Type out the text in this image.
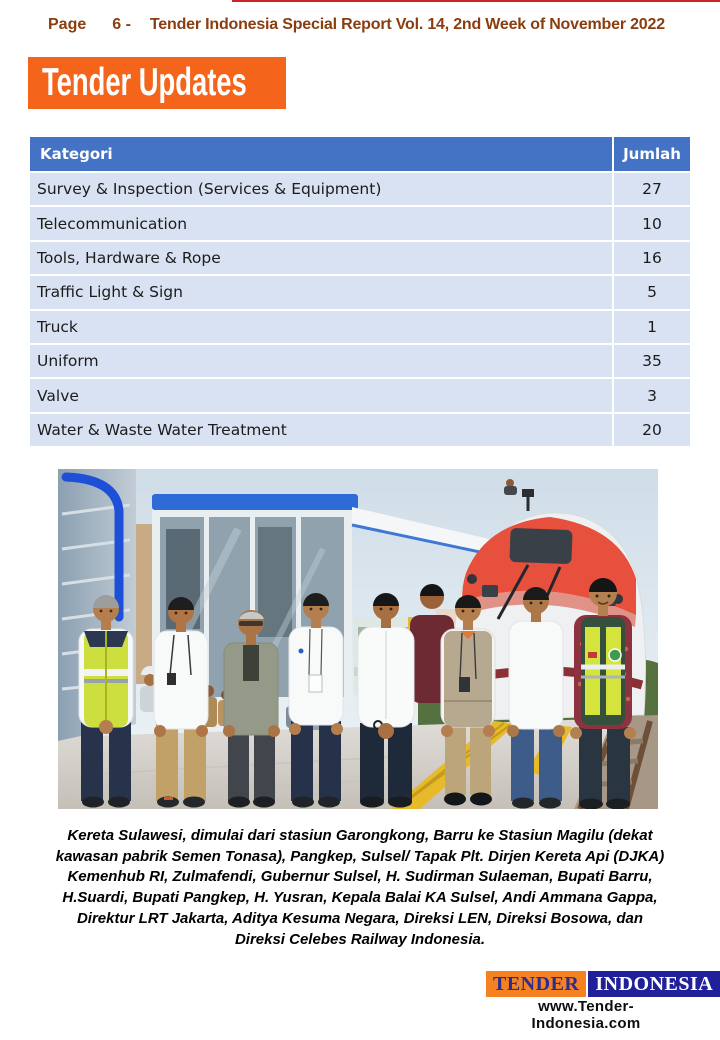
Page 6 - Tender Indonesia Special Report Vol. 14, 2nd Week of November 2022
Tender Updates
Kategori	Jumlah
Survey & Inspection (Services & Equipment)	27
Telecommunication	10
Tools, Hardware & Rope	16
Traffic Light & Sign	5
Truck	1
Uniform	35
Valve	3
Water & Waste Water Treatment	20
Kereta Sulawesi, dimulai dari stasiun Garongkong, Barru ke Stasiun Magilu (dekat
kawasan pabrik Semen Tonasa), Pangkep, Sulsel/ Tapak Plt. Dirjen Kereta Api (DJKA)
Kemenhub RI, Zulmafendi, Gubernur Sulsel, H. Sudirman Sulaeman, Bupati Barru,
H.Suardi, Bupati Pangkep, H. Yusran, Kepala Balai KA Sulsel, Andi Ammana Gappa,
Direktur LRT Jakarta, Aditya Kesuma Negara, Direksi LEN, Direksi Bosowa, dan
Direksi Celebes Railway Indonesia.
TENDER INDONESIA
www.Tender-Indonesia.com
